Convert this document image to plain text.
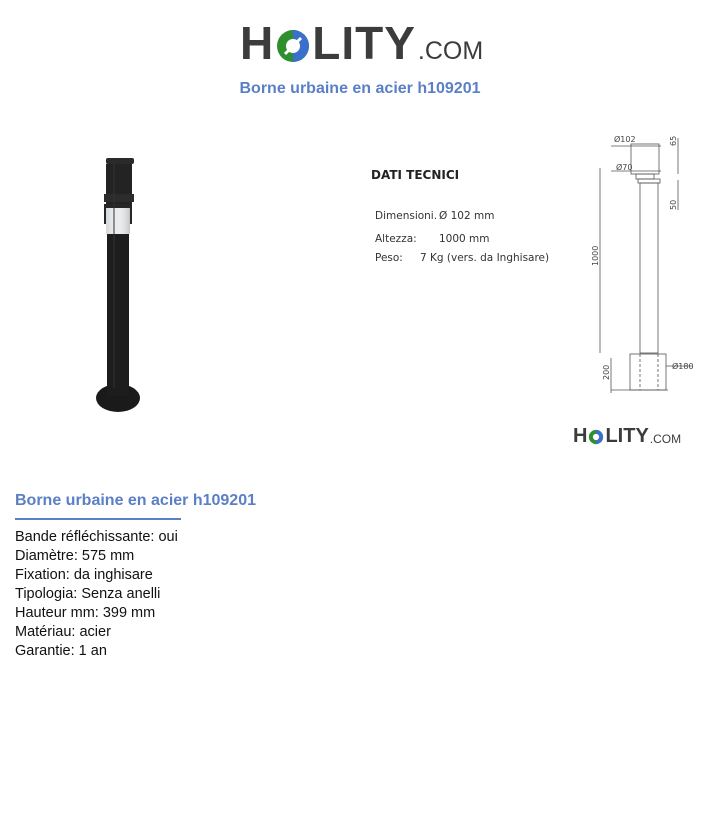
H LITY .COM
Borne urbaine en acier h109201
Ø102	65
Ø70
50
1000
200	Ø180
DATI TECNICI
Dimensioni. Ø 102 mm
Altezza: 1000 mm
Peso: 7 Kg (vers. da Inghisare)
H LITY .COM
Borne urbaine en acier h109201
Bande réfléchissante: oui
Diamètre: 575 mm
Fixation: da inghisare
Tipologia: Senza anelli
Hauteur mm: 399 mm
Matériau: acier
Garantie: 1 an
